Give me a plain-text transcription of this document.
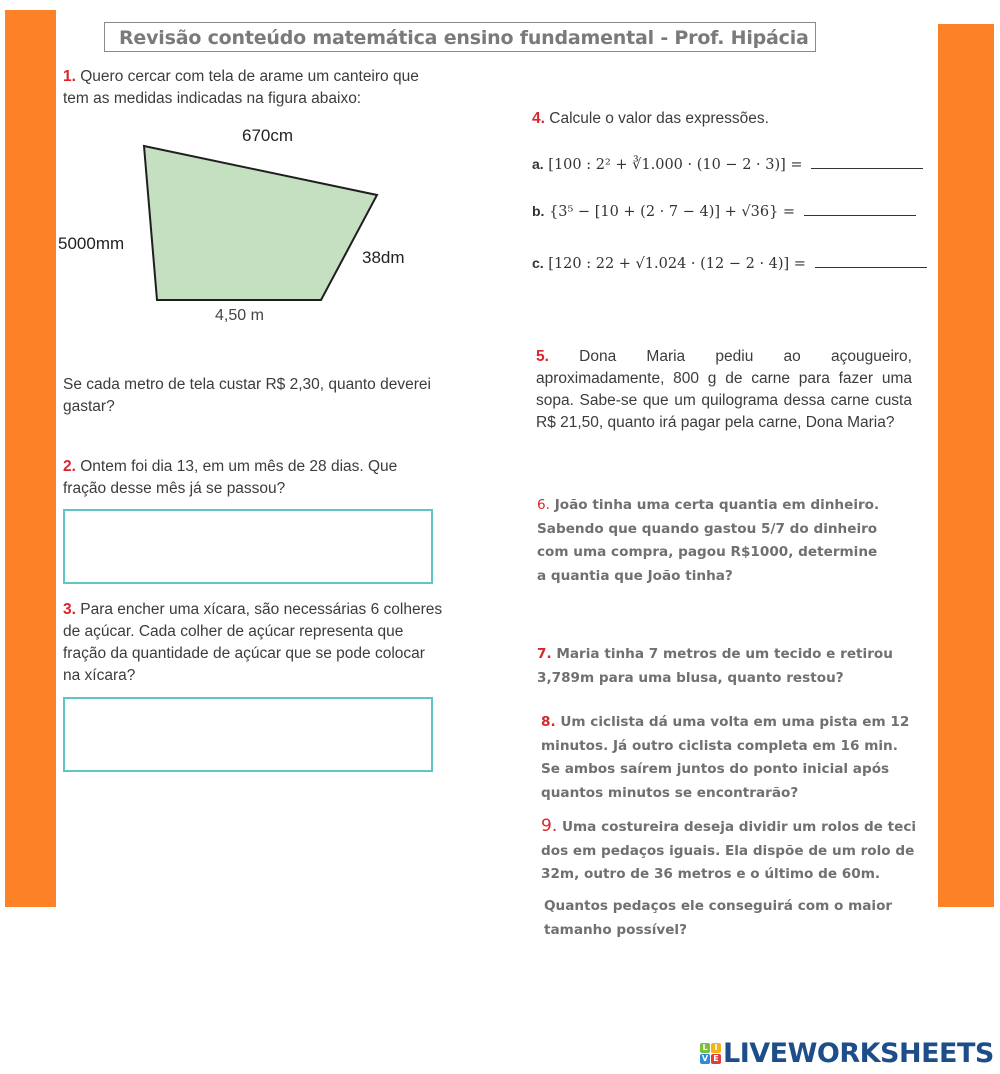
Revisão conteúdo matemática ensino fundamental - Prof. Hipácia
1. Quero cercar com tela de arame um canteiro que tem as medidas indicadas na figura abaixo:
670cm
5000mm
38dm
4,50 m
Se cada metro de tela custar R$ 2,30, quanto deverei gastar?
2. Ontem foi dia 13, em um mês de 28 dias. Que fração desse mês já se passou?
3. Para encher uma xícara, são necessárias 6 colheres de açúcar. Cada colher de açúcar representa que fração da quantidade de açúcar que se pode colocar na xícara?
4. Calcule o valor das expressões.
a. [100 : 2² + ∛1.000 · (10 − 2 · 3)] =
b. {3⁵ − [10 + (2 · 7 − 4)] + √36} =
c. [120 : 22 + √1.024 · (12 − 2 · 4)] =
5. Dona Maria pediu ao açougueiro, aproximadamente, 800 g de carne para fazer uma sopa. Sabe-se que um quilograma dessa carne custa R$ 21,50, quanto irá pagar pela carne, Dona Maria?
6. João tinha uma certa quantia em dinheiro.
Sabendo que quando gastou 5/7 do dinheiro
com uma compra, pagou R$1000, determine
a quantia que João tinha?
7. Maria tinha 7 metros de um tecido e retirou
3,789m para uma blusa, quanto restou?
8. Um ciclista dá uma volta em uma pista em 12
minutos. Já outro ciclista completa em 16 min.
Se ambos saírem juntos do ponto inicial após
quantos minutos se encontrarão?
9. Uma costureira deseja dividir um rolos de teci
dos em pedaços iguais. Ela dispõe de um rolo de
32m, outro de 36 metros e o último de 60m.
Quantos pedaços ele conseguirá com o maior
tamanho possível?
L I
V E LIVEWORKSHEETS
